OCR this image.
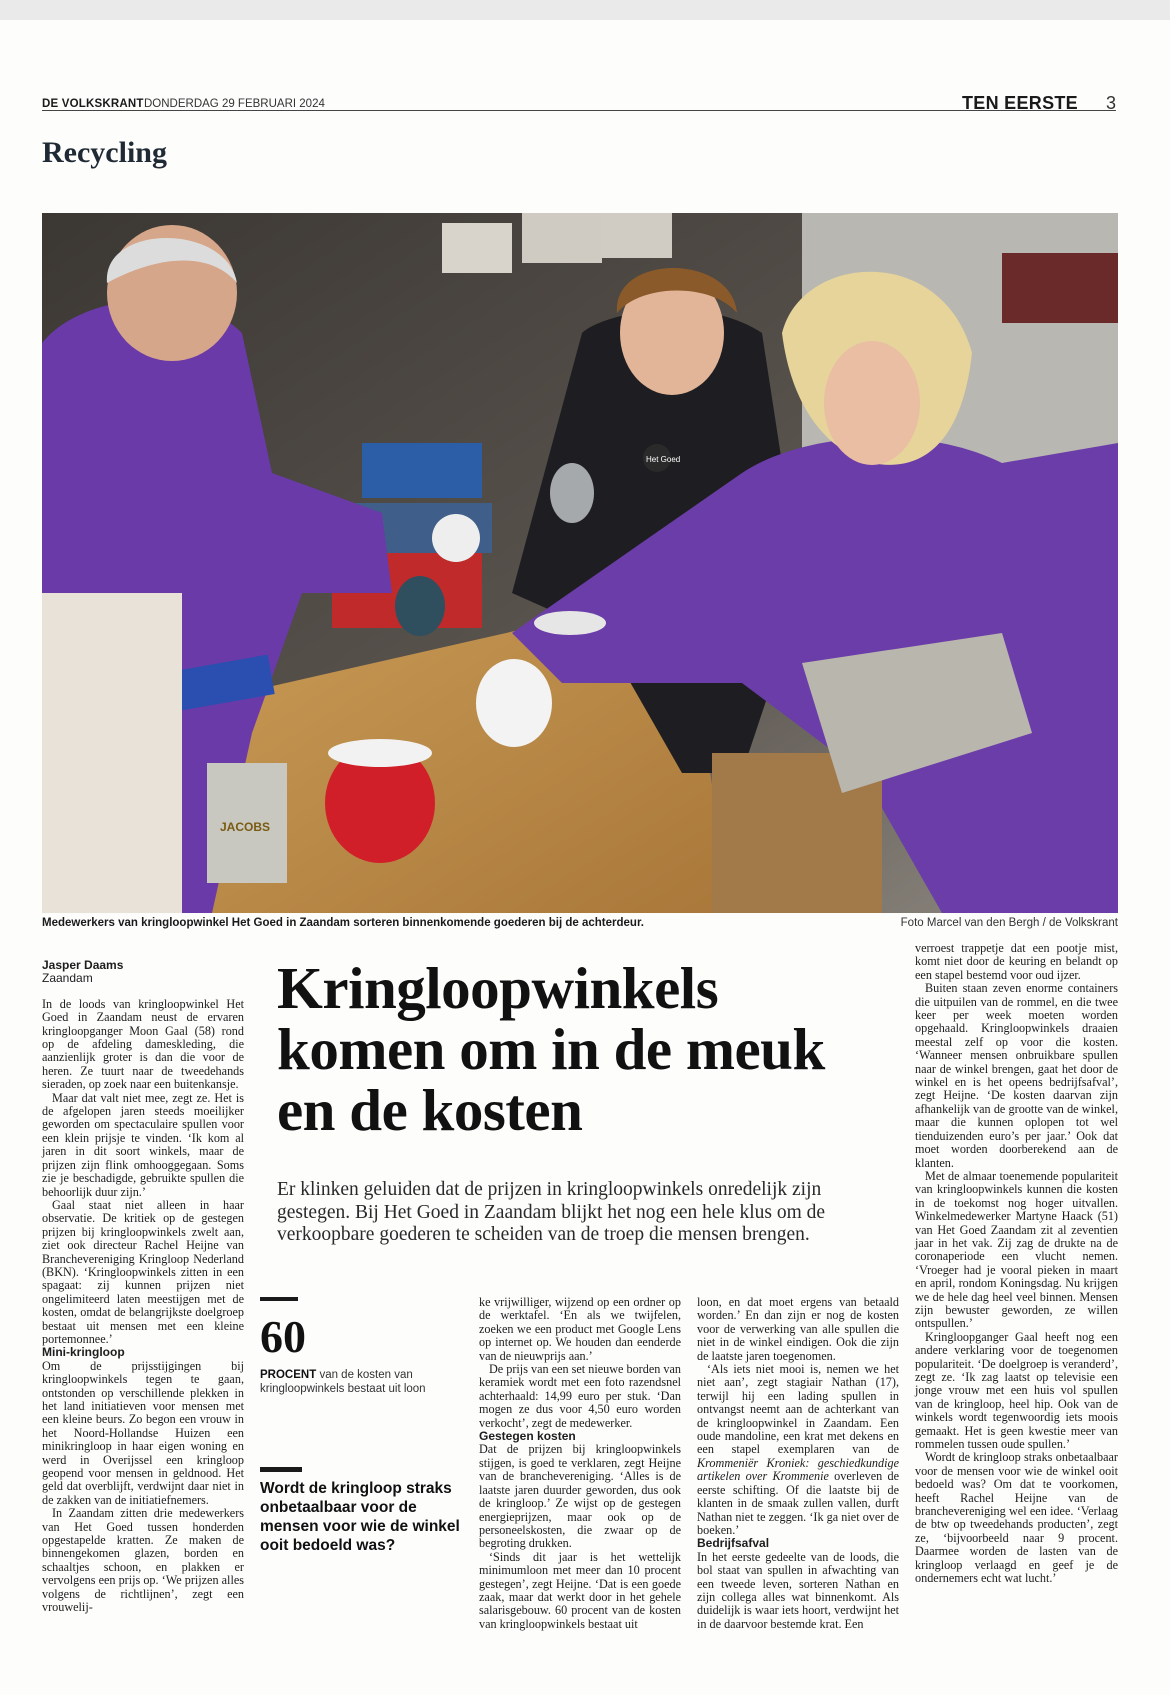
DE VOLKSKRANT DONDERDAG 29 FEBRUARI 2024	TEN EERSTE	3
Recycling
JACOBS
Het Goed
Medewerkers van kringloopwinkel Het Goed in Zaandam sorteren binnenkomende goederen bij de achterdeur.	Foto Marcel van den Bergh / de Volkskrant
Jasper Daams
Zaandam

In de loods van kringloopwinkel Het Goed in Zaandam neust de ervaren kringloopganger Moon Gaal (58) rond op de afdeling dameskleding, die aanzienlijk groter is dan die voor de heren. Ze tuurt naar de tweedehands sieraden, op zoek naar een buitenkansje.

Maar dat valt niet mee, zegt ze. Het is de afgelopen jaren steeds moeilijker geworden om spectaculaire spullen voor een klein prijsje te vinden. ‘Ik kom al jaren in dit soort winkels, maar de prijzen zijn flink omhooggegaan. Soms zie je beschadigde, gebruikte spullen die behoorlijk duur zijn.’

Gaal staat niet alleen in haar observatie. De kritiek op de gestegen prijzen bij kringloopwinkels zwelt aan, ziet ook directeur Rachel Heijne van Branchevereniging Kringloop Nederland (BKN). ‘Kringloopwinkels zitten in een spagaat: zij kunnen prijzen niet ongelimiteerd laten meestijgen met de kosten, omdat de belangrijkste doelgroep bestaat uit mensen met een kleine portemonnee.’

Mini-kringloop

Om de prijsstijgingen bij kringloopwinkels tegen te gaan, ontstonden op verschillende plekken in het land initiatieven voor mensen met een kleine beurs. Zo begon een vrouw in het Noord-Hollandse Huizen een minikringloop in haar eigen woning en werd in Overijssel een kringloop geopend voor mensen in geldnood. Het geld dat overblijft, verdwijnt daar niet in de zakken van de initiatiefnemers.

In Zaandam zitten drie medewerkers van Het Goed tussen honderden opgestapelde kratten. Ze maken de binnengekomen glazen, borden en schaaltjes schoon, en plakken er vervolgens een prijs op. ‘We prijzen alles volgens de richtlijnen’, zegt een vrouwelij-

Kringloopwinkels komen om in de meuk en de kosten
Er klinken geluiden dat de prijzen in kringloopwinkels onredelijk zijn gestegen. Bij Het Goed in Zaandam blijkt het nog een hele klus om de verkoopbare goederen te scheiden van de troep die mensen brengen.
60
PROCENT van de kosten van kringloopwinkels bestaat uit loon
Wordt de kringloop straks onbetaalbaar voor de mensen voor wie de winkel ooit bedoeld was?

ke vrijwilliger, wijzend op een ordner op de werktafel. ‘En als we twijfelen, zoeken we een product met Google Lens op internet op. We houden dan eenderde van de nieuwprijs aan.’

De prijs van een set nieuwe borden van keramiek wordt met een foto razendsnel achterhaald: 14,99 euro per stuk. ‘Dan mogen ze dus voor 4,50 euro worden verkocht’, zegt de medewerker.

Gestegen kosten

Dat de prijzen bij kringloopwinkels stijgen, is goed te verklaren, zegt Heijne van de branchevereniging. ‘Alles is de laatste jaren duurder geworden, dus ook de kringloop.’ Ze wijst op de gestegen energieprijzen, maar ook op de personeelskosten, die zwaar op de begroting drukken.

‘Sinds dit jaar is het wettelijk minimumloon met meer dan 10 procent gestegen’, zegt Heijne. ‘Dat is een goede zaak, maar dat werkt door in het gehele salarisgebouw. 60 procent van de kosten van kringloopwinkels bestaat uit

loon, en dat moet ergens van betaald worden.’ En dan zijn er nog de kosten voor de verwerking van alle spullen die niet in de winkel eindigen. Ook die zijn de laatste jaren toegenomen.

‘Als iets niet mooi is, nemen we het niet aan’, zegt stagiair Nathan (17), terwijl hij een lading spullen in ontvangst neemt aan de achterkant van de kringloopwinkel in Zaandam. Een oude mandoline, een krat met dekens en een stapel exemplaren van de Krommeniër Kroniek: geschiedkundige artikelen over Krommenie overleven de eerste schifting. Of die laatste bij de klanten in de smaak zullen vallen, durft Nathan niet te zeggen. ‘Ik ga niet over de boeken.’

Bedrijfsafval

In het eerste gedeelte van de loods, die bol staat van spullen in afwachting van een tweede leven, sorteren Nathan en zijn collega alles wat binnenkomt. Als duidelijk is waar iets hoort, verdwijnt het in de daarvoor bestemde krat. Een

verroest trappetje dat een pootje mist, komt niet door de keuring en belandt op een stapel bestemd voor oud ijzer.

Buiten staan zeven enorme containers die uitpuilen van de rommel, en die twee keer per week moeten worden opgehaald. Kringloopwinkels draaien meestal zelf op voor die kosten. ‘Wanneer mensen onbruikbare spullen naar de winkel brengen, gaat het door de winkel en is het opeens bedrijfsafval’, zegt Heijne. ‘De kosten daarvan zijn afhankelijk van de grootte van de winkel, maar die kunnen oplopen tot wel tienduizenden euro’s per jaar.’ Ook dat moet worden doorberekend aan de klanten.

Met de almaar toenemende populariteit van kringloopwinkels kunnen die kosten in de toekomst nog hoger uitvallen. Winkelmedewerker Martyne Haack (51) van Het Goed Zaandam zit al zeventien jaar in het vak. Zij zag de drukte na de coronaperiode een vlucht nemen. ‘Vroeger had je vooral pieken in maart en april, rondom Koningsdag. Nu krijgen we de hele dag heel veel binnen. Mensen zijn bewuster geworden, ze willen ontspullen.’

Kringloopganger Gaal heeft nog een andere verklaring voor de toegenomen populariteit. ‘De doelgroep is veranderd’, zegt ze. ‘Ik zag laatst op televisie een jonge vrouw met een huis vol spullen van de kringloop, heel hip. Ook van de winkels wordt tegenwoordig iets moois gemaakt. Het is geen kwestie meer van rommelen tussen oude spullen.’

Wordt de kringloop straks onbetaalbaar voor de mensen voor wie de winkel ooit bedoeld was? Om dat te voorkomen, heeft Rachel Heijne van de branchevereniging wel een idee. ‘Verlaag de btw op tweedehands producten’, zegt ze, ‘bijvoorbeeld naar 9 procent. Daarmee worden de lasten van de kringloop verlaagd en geef je de ondernemers echt wat lucht.’
